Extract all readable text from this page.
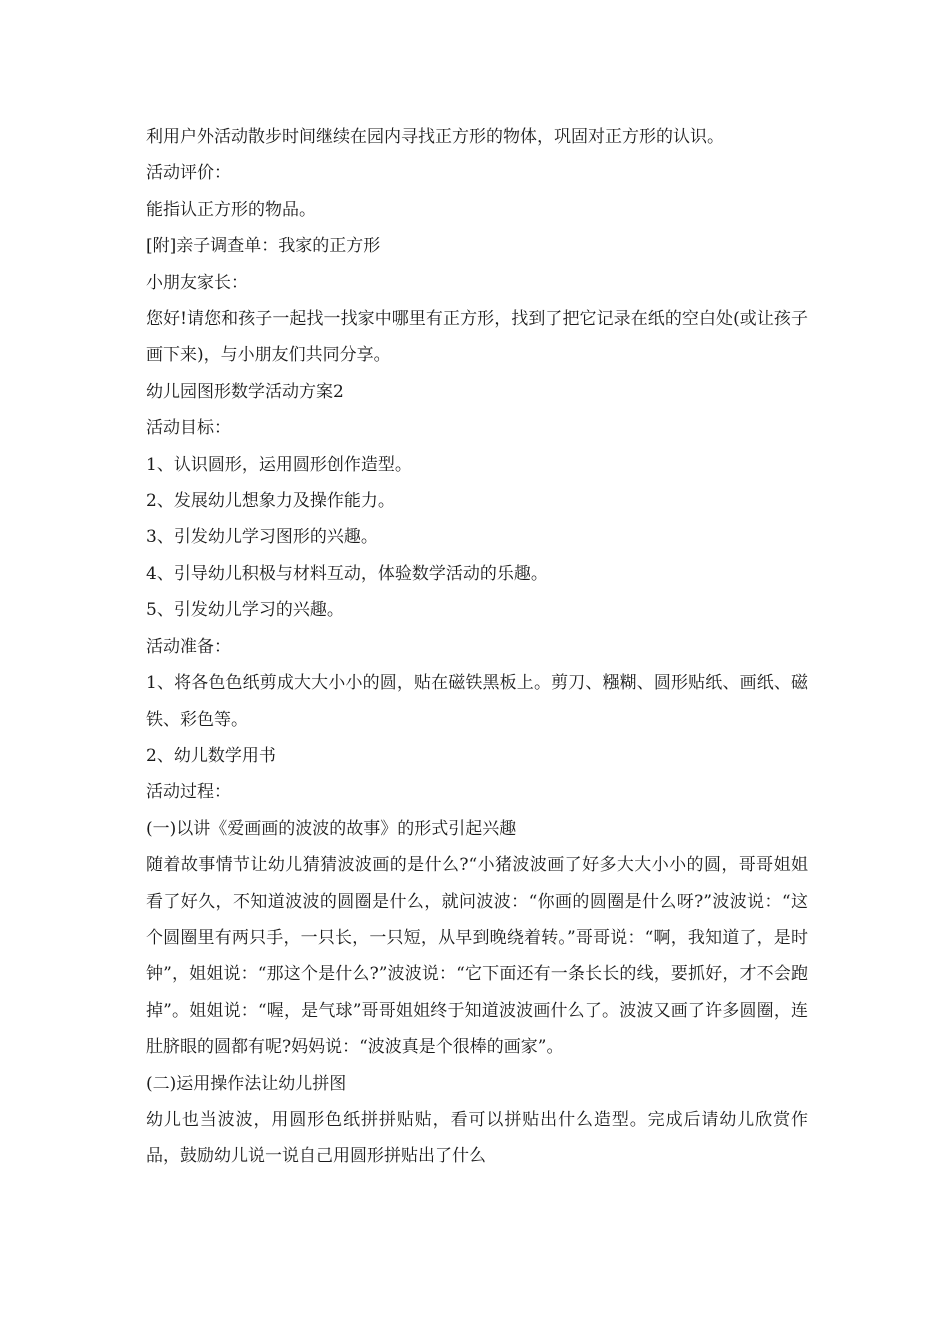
利用户外活动散步时间继续在园内寻找正方形的物体，巩固对正方形的认识。

活动评价：

能指认正方形的物品。

[附]亲子调查单：我家的正方形

小朋友家长：

您好!请您和孩子一起找一找家中哪里有正方形，找到了把它记录在纸的空白处(或让孩子画下来)，与小朋友们共同分享。

幼儿园图形数学活动方案2

活动目标：

1、认识圆形，运用圆形创作造型。

2、发展幼儿想象力及操作能力。

3、引发幼儿学习图形的兴趣。

4、引导幼儿积极与材料互动，体验数学活动的乐趣。

5、引发幼儿学习的兴趣。

活动准备：

1、将各色色纸剪成大大小小的圆，贴在磁铁黑板上。剪刀、糨糊、圆形贴纸、画纸、磁铁、彩色等。

2、幼儿数学用书

活动过程：

(一)以讲《爱画画的波波的故事》的形式引起兴趣

随着故事情节让幼儿猜猜波波画的是什么?“小猪波波画了好多大大小小的圆，哥哥姐姐看了好久，不知道波波的圆圈是什么，就问波波：“你画的圆圈是什么呀?”波波说：“这个圆圈里有两只手，一只长，一只短，从早到晚绕着转。”哥哥说：“啊，我知道了，是时钟”，姐姐说：“那这个是什么?”波波说：“它下面还有一条长长的线，要抓好，才不会跑掉”。姐姐说：“喔，是气球”哥哥姐姐终于知道波波画什么了。波波又画了许多圆圈，连肚脐眼的圆都有呢?妈妈说：“波波真是个很棒的画家”。

(二)运用操作法让幼儿拼图

幼儿也当波波，用圆形色纸拼拼贴贴，看可以拼贴出什么造型。完成后请幼儿欣赏作品，鼓励幼儿说一说自己用圆形拼贴出了什么
